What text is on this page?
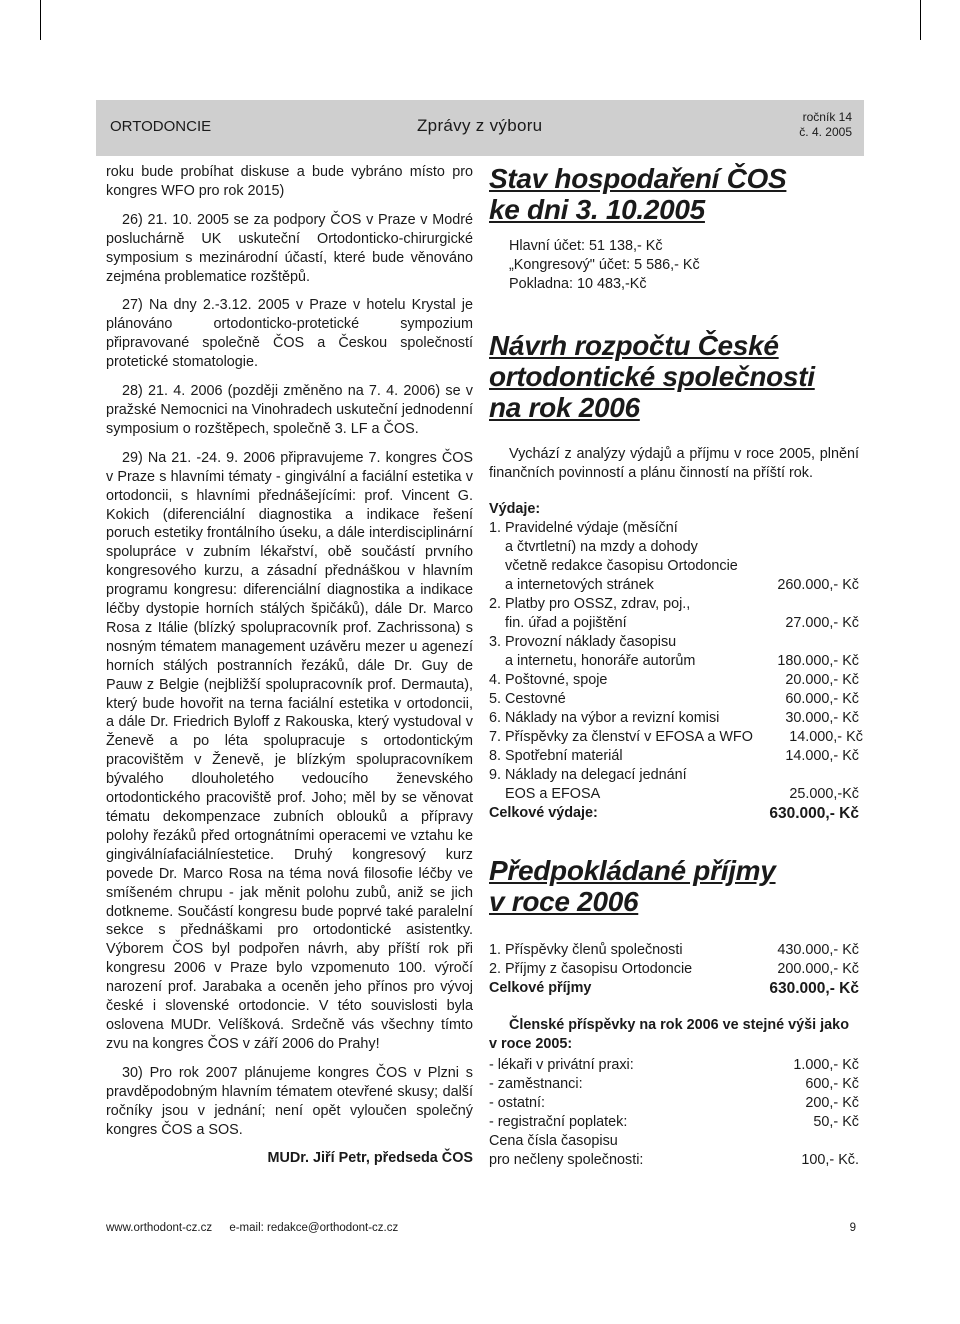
ORTODONCIE	Zprávy z výboru	ročník 14
č. 4. 2005

roku bude probíhat diskuse a bude vybráno místo pro kongres WFO pro rok 2015)

26) 21. 10. 2005 se za podpory ČOS v Praze v Modré posluchárně UK uskuteční Ortodonticko-chirurgické symposium s mezinárodní účastí, které bude věnováno zejména problematice rozštěpů.

27) Na dny 2.-3.12. 2005 v Praze v hotelu Krystal je plánováno ortodonticko-protetické sympozium připravované společně ČOS a Českou společností protetické stomatologie.

28) 21. 4. 2006 (později změněno na 7. 4. 2006) se v pražské Nemocnici na Vinohradech uskuteční jednodenní symposium o rozštěpech, společně 3. LF a ČOS.

29) Na 21. -24. 9. 2006 připravujeme 7. kongres ČOS v Praze s hlavními tématy - gingivální a faciální estetika v ortodoncii, s hlavními přednášejícími: prof. Vincent G. Kokich (diferenciální diagnostika a indikace řešení poruch estetiky frontálního úseku, a dále interdisciplinární spolupráce v zubním lékařství, obě součástí prvního kongresového kurzu, a zásadní přednáškou v hlavním programu kongresu: diferenciální diagnostika a indikace léčby dystopie horních stálých špičáků), dále Dr. Marco Rosa z Itálie (blízký spolupracovník prof. Zachrissona) s nosným tématem management uzávěru mezer u agenezí horních stálých postranních řezáků, dále Dr. Guy de Pauw z Belgie (nejbližší spolupracovník prof. Dermauta), který bude hovořit na terna faciální estetika v ortodoncii, a dále Dr. Friedrich Byloff z Rakouska, který vystudoval v Ženevě a po léta spolupracuje s ortodontickým pracovištěm v Ženevě, je blízkým spolupracovníkem bývalého dlouholetého vedoucího ženevského ortodontického pracoviště prof. Joho; měl by se věnovat tématu dekompenzace zubních oblouků a přípravy polohy řezáků před ortognátními operacemi ve vztahu ke gingiválníafaciálníestetice. Druhý kongresový kurz povede Dr. Marco Rosa na téma nová filosofie léčby ve smíšeném chrupu - jak měnit polohu zubů, aniž se jich dotkneme. Součástí kongresu bude poprvé také paralelní sekce s přednáškami pro ortodontické asistentky. Výborem ČOS byl podpořen návrh, aby příští rok při kongresu 2006 v Praze bylo vzpomenuto 100. výročí narození prof. Jarabaka a oceněn jeho přínos pro vývoj české i slovenské ortodoncie. V této souvislosti byla oslovena MUDr. Velíšková. Srdečně vás všechny tímto zvu na kongres ČOS v září 2006 do Prahy!

30) Pro rok 2007 plánujeme kongres ČOS v Plzni s pravděpodobným hlavním tématem otevřené skusy; další ročníky jsou v jednání; není opět vyloučen společný kongres ČOS a SOS.

MUDr. Jiří Petr, předseda ČOS
Stav hospodaření ČOS
ke dni 3. 10.2005
Hlavní účet: 51 138,- Kč
„Kongresový" účet: 5 586,- Kč
Pokladna: 10 483,-Kč
Návrh rozpočtu České
ortodontické společnosti
na rok 2006

Vychází z analýzy výdajů a příjmu v roce 2005, plnění finančních povinností a plánu činností na příští rok.

Výdaje:
1. Pravidelné výdaje (měsíční
a čtvrtletní) na mzdy a dohody
včetně redakce časopisu Ortodoncie
a internetových stránek	260.000,- Kč
2. Platby pro OSSZ, zdrav, poj.,
fin. úřad a pojištění	27.000,- Kč
3. Provozní náklady časopisu
a internetu, honoráře autorům	180.000,- Kč
4. Poštovné, spoje	20.000,- Kč
5. Cestovné	60.000,- Kč
6. Náklady na výbor a revizní komisi	30.000,- Kč
7. Příspěvky za členství v EFOSA a WFO	14.000,- Kč
8. Spotřební materiál	14.000,- Kč
9. Náklady na delegací jednání
EOS a EFOSA	25.000,-Kč
Celkové výdaje:	630.000,- Kč
Předpokládané příjmy
v roce 2006
1. Příspěvky členů společnosti	430.000,- Kč
2. Příjmy z časopisu Ortodoncie	200.000,- Kč
Celkové příjmy	630.000,- Kč
Členské příspěvky na rok 2006 ve stejné výši jako v roce 2005:
- lékaři v privátní praxi:	1.000,- Kč
- zaměstnanci:	600,- Kč
- ostatní:	200,- Kč
- registrační poplatek:	50,- Kč
Cena čísla časopisu
pro nečleny společnosti:	100,- Kč.
www.orthodont-cz.cz e-mail: redakce@orthodont-cz.cz	9
